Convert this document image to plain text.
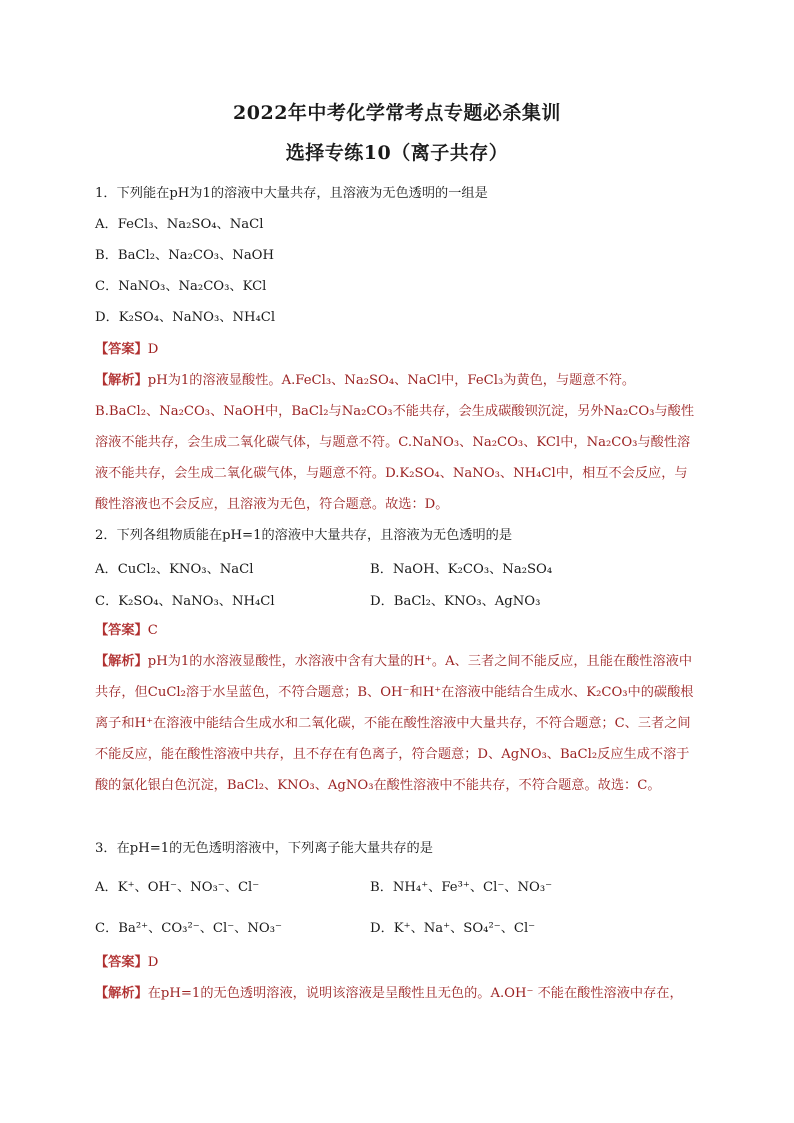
2022年中考化学常考点专题必杀集训
选择专练10（离子共存）
1．下列能在pH为1的溶液中大量共存，且溶液为无色透明的一组是
A．FeCl₃、Na₂SO₄、NaCl
B．BaCl₂、Na₂CO₃、NaOH
C．NaNO₃、Na₂CO₃、KCl
D．K₂SO₄、NaNO₃、NH₄Cl
【答案】D
【解析】pH为1的溶液显酸性。A.FeCl₃、Na₂SO₄、NaCl中，FeCl₃为黄色，与题意不符。B.BaCl₂、Na₂CO₃、NaOH中，BaCl₂与Na₂CO₃不能共存，会生成碳酸钡沉淀，另外Na₂CO₃与酸性溶液不能共存，会生成二氧化碳气体，与题意不符。C.NaNO₃、Na₂CO₃、KCl中，Na₂CO₃与酸性溶液不能共存，会生成二氧化碳气体，与题意不符。D.K₂SO₄、NaNO₃、NH₄Cl中，相互不会反应，与酸性溶液也不会反应，且溶液为无色，符合题意。故选：D。
2．下列各组物质能在pH=1的溶液中大量共存，且溶液为无色透明的是
A．CuCl₂、KNO₃、NaCl	B．NaOH、K₂CO₃、Na₂SO₄
C．K₂SO₄、NaNO₃、NH₄Cl	D．BaCl₂、KNO₃、AgNO₃
【答案】C
【解析】pH为1的水溶液显酸性，水溶液中含有大量的H⁺。A、三者之间不能反应，且能在酸性溶液中共存，但CuCl₂溶于水呈蓝色，不符合题意；B、OH⁻和H⁺在溶液中能结合生成水、K₂CO₃中的碳酸根离子和H⁺在溶液中能结合生成水和二氧化碳，不能在酸性溶液中大量共存，不符合题意；C、三者之间不能反应，能在酸性溶液中共存，且不存在有色离子，符合题意；D、AgNO₃、BaCl₂反应生成不溶于酸的氯化银白色沉淀，BaCl₂、KNO₃、AgNO₃在酸性溶液中不能共存，不符合题意。故选：C。
3．在pH=1的无色透明溶液中，下列离子能大量共存的是
A．K⁺、OH⁻、NO₃⁻、Cl⁻	B．NH₄⁺、Fe³⁺、Cl⁻、NO₃⁻
C．Ba²⁺、CO₃²⁻、Cl⁻、NO₃⁻	D．K⁺、Na⁺、SO₄²⁻、Cl⁻
【答案】D
【解析】在pH=1的无色透明溶液，说明该溶液是呈酸性且无色的。A.OH⁻ 不能在酸性溶液中存在，
